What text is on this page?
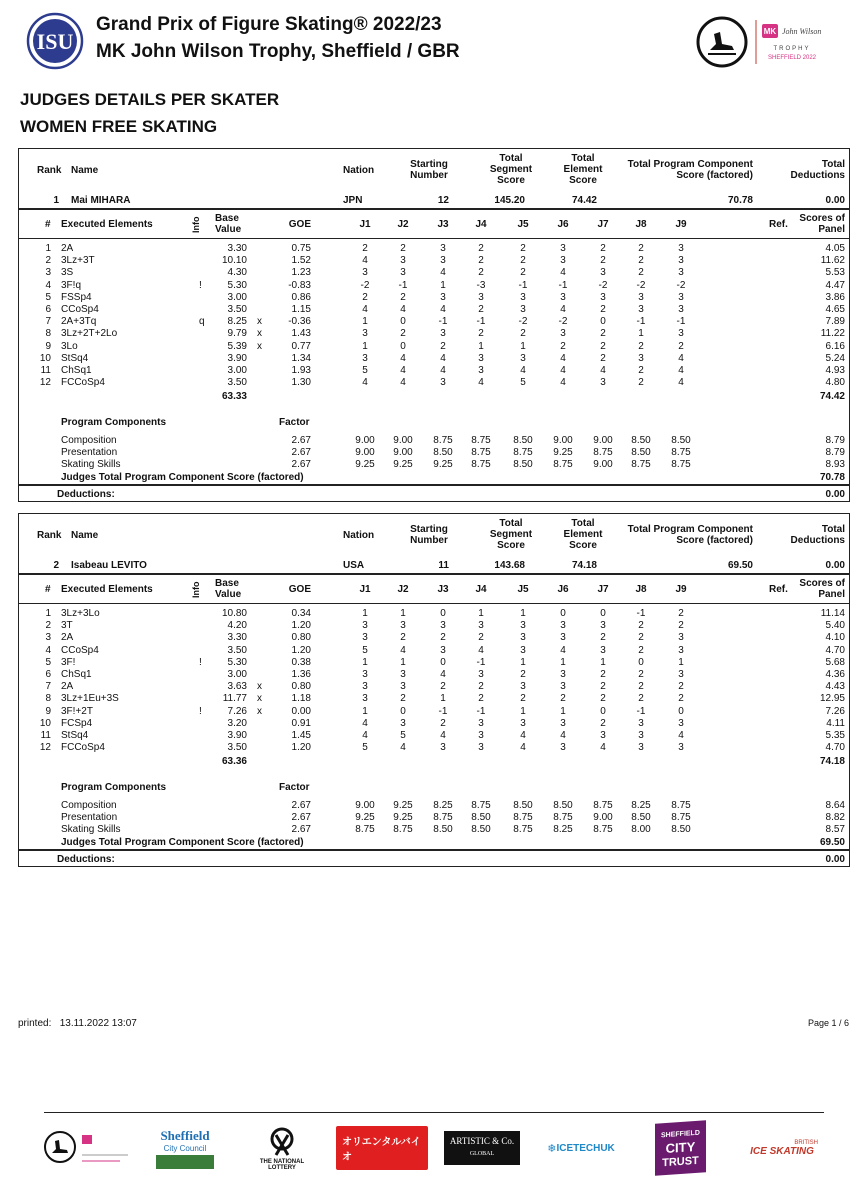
ISU
Grand Prix of Figure Skating® 2022/23
MK John Wilson Trophy, Sheffield / GBR
MK John Wilson
TROPHY
SHEFFIELD 2022
JUDGES DETAILS PER SKATER
WOMEN FREE SKATING
Rank Name	Nation
Starting
Number
Total
Segment
Score
Total
Element
Score
Total Program Component
Score (factored)
Total
Deductions
1 Mai MIHARA	JPN	12	145.20	74.42	70.78	0.00
# Executed Elements	Info Base
Value	GOE	J1	J2	J3	J4	J5	J6	J7	J8	J9	Ref.
Scores of
Panel
1 2A	3.30	0.75	2	2	3	2	2	3	2	2	3	4.05
2 3Lz+3T	10.10	1.52	4	3	3	2	2	3	2	2	3	11.62
3 3S	4.30	1.23	3	3	4	2	2	4	3	2	3	5.53
4 3F!q	!	5.30	-0.83	-2	-1	1	-3	-1	-1	-2	-2	-2	4.47
5 FSSp4	3.00	0.86	2	2	3	3	3	3	3	3	3	3.86
6 CCoSp4	3.50	1.15	4	4	4	2	3	4	2	3	3	4.65
7 2A+3Tq	q 8.25 x	-0.36	1	0	-1	-1	-2	-2	0	-1	-1	7.89
8 3Lz+2T+2Lo	9.79 x	1.43	3	2	3	2	2	3	2	1	3	11.22
9 3Lo	5.39 x	0.77	1	0	2	1	1	2	2	2	2	6.16
10 StSq4	3.90	1.34	3	4	4	3	3	4	2	3	4	5.24
11 ChSq1	3.00	1.93	5	4	4	3	4	4	4	2	4	4.93
12 FCCoSp4	3.50	1.30	4	4	3	4	5	4	3	2	4	4.80
63.33	74.42
Program Components	Factor
Composition	2.67	9.00	9.00	8.75	8.75	8.50	9.00	9.00	8.50	8.50	8.79
Presentation	2.67	9.00	9.00	8.50	8.75	8.75	9.25	8.75	8.50	8.75	8.79
Skating Skills	2.67	9.25	9.25	9.25	8.75	8.50	8.75	9.00	8.75	8.75	8.93
Judges Total Program Component Score (factored)	70.78
Deductions:	0.00
Rank Name	Nation
Starting
Number
Total
Segment
Score
Total
Element
Score
Total Program Component
Score (factored)
Total
Deductions
2 Isabeau LEVITO	USA	11	143.68	74.18	69.50	0.00
# Executed Elements	Info Base
Value	GOE	J1	J2	J3	J4	J5	J6	J7	J8	J9	Ref.
Scores of
Panel
1 3Lz+3Lo	10.80	0.34	1	1	0	1	1	0	0	-1	2	11.14
2 3T	4.20	1.20	3	3	3	3	3	3	3	2	2	5.40
3 2A	3.30	0.80	3	2	2	2	3	3	2	2	3	4.10
4 CCoSp4	3.50	1.20	5	4	3	4	3	4	3	2	3	4.70
5 3F!	!	5.30	0.38	1	1	0	-1	1	1	1	0	1	5.68
6 ChSq1	3.00	1.36	3	3	4	3	2	3	2	2	3	4.36
7 2A	3.63 x	0.80	3	3	2	2	3	3	2	2	2	4.43
8 3Lz+1Eu+3S	11.77 x	1.18	3	2	1	2	2	2	2	2	2	12.95
9 3F!+2T	!	7.26 x	0.00	1	0	-1	-1	1	1	0	-1	0	7.26
10 FCSp4	3.20	0.91	4	3	2	3	3	3	2	3	3	4.11
11 StSq4	3.90	1.45	4	5	4	3	4	4	3	3	4	5.35
12 FCCoSp4	3.50	1.20	5	4	3	3	4	3	4	3	3	4.70
63.36	74.18
Program Components	Factor
Composition	2.67	9.00	9.25	8.25	8.75	8.50	8.50	8.75	8.25	8.75	8.64
Presentation	2.67	9.25	9.25	8.75	8.50	8.75	8.75	9.00	8.50	8.75	8.82
Skating Skills	2.67	8.75	8.75	8.50	8.50	8.75	8.25	8.75	8.00	8.50	8.57
Judges Total Program Component Score (factored)	69.50
Deductions:	0.00
printed: 13.11.2022 13:07	Page 1 / 6
Sheffield
City Council
THE NATIONAL
LOTTERY
オリエンタルバイオ
ARTISTIC & Co.
GLOBAL	❄ ICETECHUK
SHEFFIELD
CITY
TRUST
BRITISH
ICE SKATING
